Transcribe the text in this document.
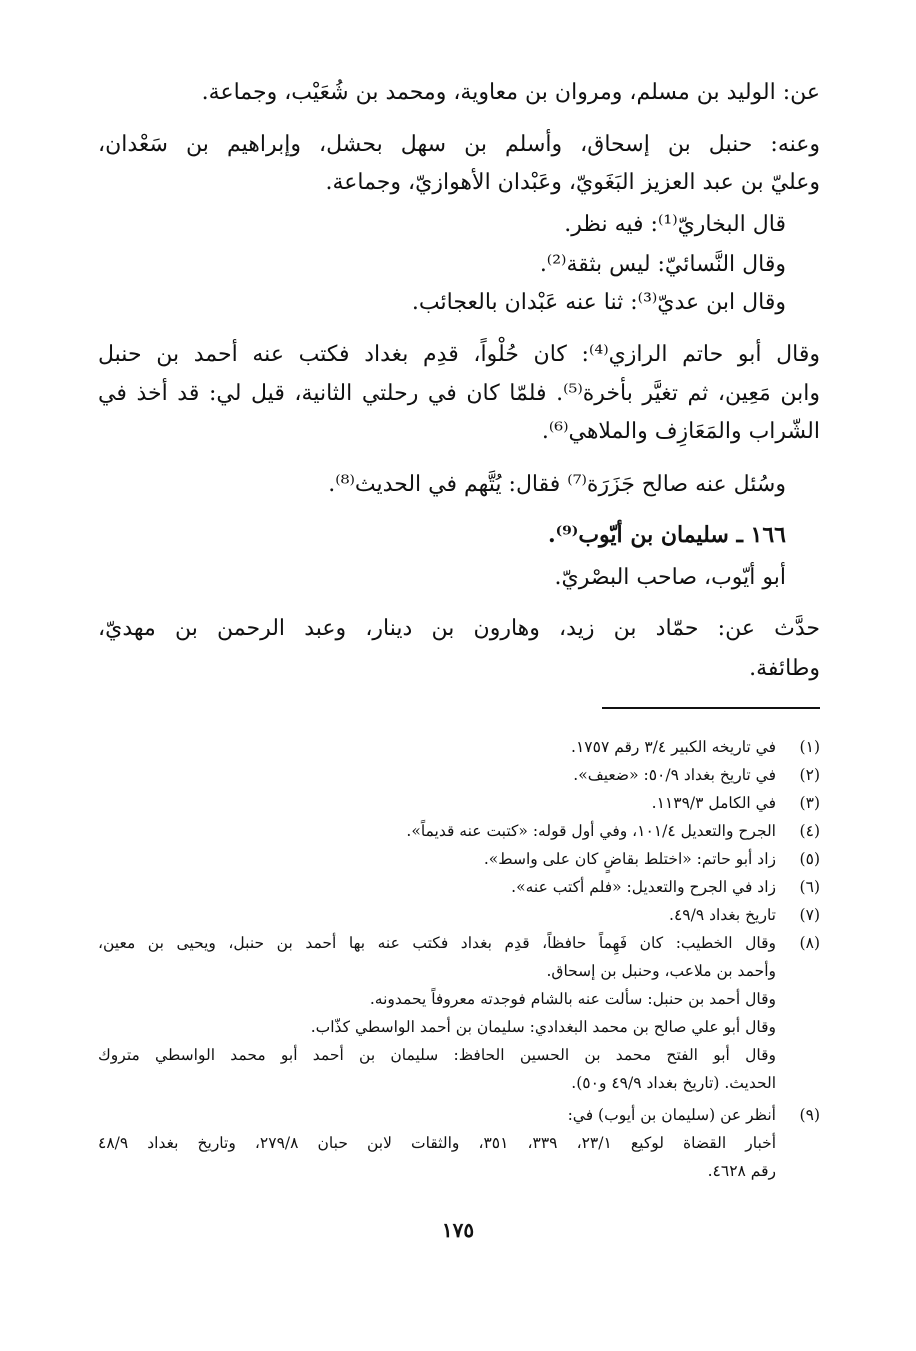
عن: الوليد بن مسلم، ومروان بن معاوية، ومحمد بن شُعَيْب، وجماعة.
وعنه: حنبل بن إسحاق، وأسلم بن سهل بحشل، وإبراهيم بن سَعْدان،
وعليّ بن عبد العزيز البَغَويّ، وعَبْدان الأهوازيّ، وجماعة.
قال البخاريّ⁽¹⁾: فيه نظر.
وقال النَّسائيّ: ليس بثقة⁽²⁾.
وقال ابن عديّ⁽³⁾: ثنا عنه عَبْدان بالعجائب.
وقال أبو حاتم الرازي⁽⁴⁾: كان حُلْواً، قدِم بغداد فكتب عنه أحمد بن حنبل
وابن مَعِين، ثم تغيَّر بأخرة⁽⁵⁾. فلمّا كان في رحلتي الثانية، قيل لي: قد أخذ في
الشّراب والمَعَازِف والملاهي⁽⁶⁾.
وسُئل عنه صالح جَزَرَة⁽⁷⁾ فقال: يُتَّهم في الحديث⁽⁸⁾.
١٦٦ ـ سليمان بن أيّوب⁽⁹⁾.
أبو أيّوب، صاحب البصْريّ.
حدَّث عن: حمّاد بن زيد، وهارون بن دينار، وعبد الرحمن بن مهديّ،
وطائفة.
(١)في تاريخه الكبير ٣/٤ رقم ١٧٥٧.
(٢)في تاريخ بغداد ٥٠/٩: «ضعيف».
(٣)في الكامل ١١٣٩/٣.
(٤)الجرح والتعديل ١٠١/٤، وفي أول قوله: «كتبت عنه قديماً».
(٥)زاد أبو حاتم: «اختلط بقاضٍ كان على واسط».
(٦)زاد في الجرح والتعديل: «فلم أكتب عنه».
(٧)تاريخ بغداد ٤٩/٩.
(٨)
وقال الخطيب: كان فَهِماً حافظاً، قدِم بغداد فكتب عنه بها أحمد بن حنبل، ويحيى بن معين،
وأحمد بن ملاعب، وحنبل بن إسحاق.
وقال أحمد بن حنبل: سألت عنه بالشام فوجدته معروفاً يحمدونه.
وقال أبو علي صالح بن محمد البغدادي: سليمان بن أحمد الواسطي كذّاب.
وقال أبو الفتح محمد بن الحسين الحافظ: سليمان بن أحمد أبو محمد الواسطي متروك
الحديث. (تاريخ بغداد ٤٩/٩ و٥٠).
(٩)
أنظر عن (سليمان بن أيوب) في:
أخبار القضاة لوكيع ٢٣/١، ٣٣٩، ٣٥١، والثقات لابن حبان ٢٧٩/٨، وتاريخ بغداد ٤٨/٩
رقم ٤٦٢٨.
١٧٥
